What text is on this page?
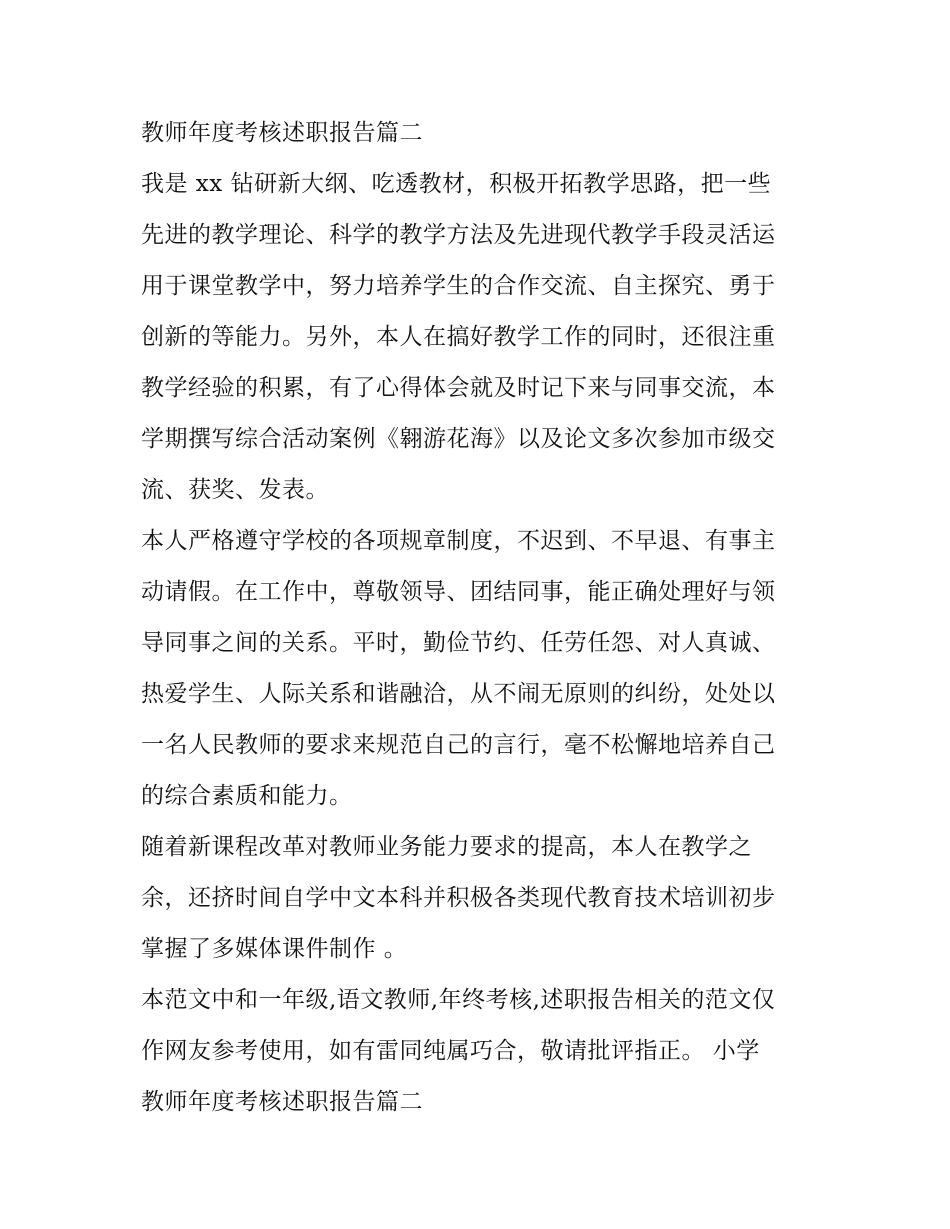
教师年度考核述职报告篇二
我是 xx 钻研新大纲、吃透教材，积极开拓教学思路，把一些
先进的教学理论、科学的教学方法及先进现代教学手段灵活运
用于课堂教学中，努力培养学生的合作交流、自主探究、勇于
创新的等能力。另外，本人在搞好教学工作的同时，还很注重
教学经验的积累，有了心得体会就及时记下来与同事交流，本
学期撰写综合活动案例《翱游花海》以及论文多次参加市级交
流、获奖、发表。
本人严格遵守学校的各项规章制度，不迟到、不早退、有事主
动请假。在工作中，尊敬领导、团结同事，能正确处理好与领
导同事之间的关系。平时，勤俭节约、任劳任怨、对人真诚、
热爱学生、人际关系和谐融洽，从不闹无原则的纠纷，处处以
一名人民教师的要求来规范自己的言行，毫不松懈地培养自己
的综合素质和能力。
随着新课程改革对教师业务能力要求的提高，本人在教学之
余，还挤时间自学中文本科并积极各类现代教育技术培训初步
掌握了多媒体课件制作 。
本范文中和一年级,语文教师,年终考核,述职报告相关的范文仅
作网友参考使用，如有雷同纯属巧合，敬请批评指正。 小学
教师年度考核述职报告篇二
